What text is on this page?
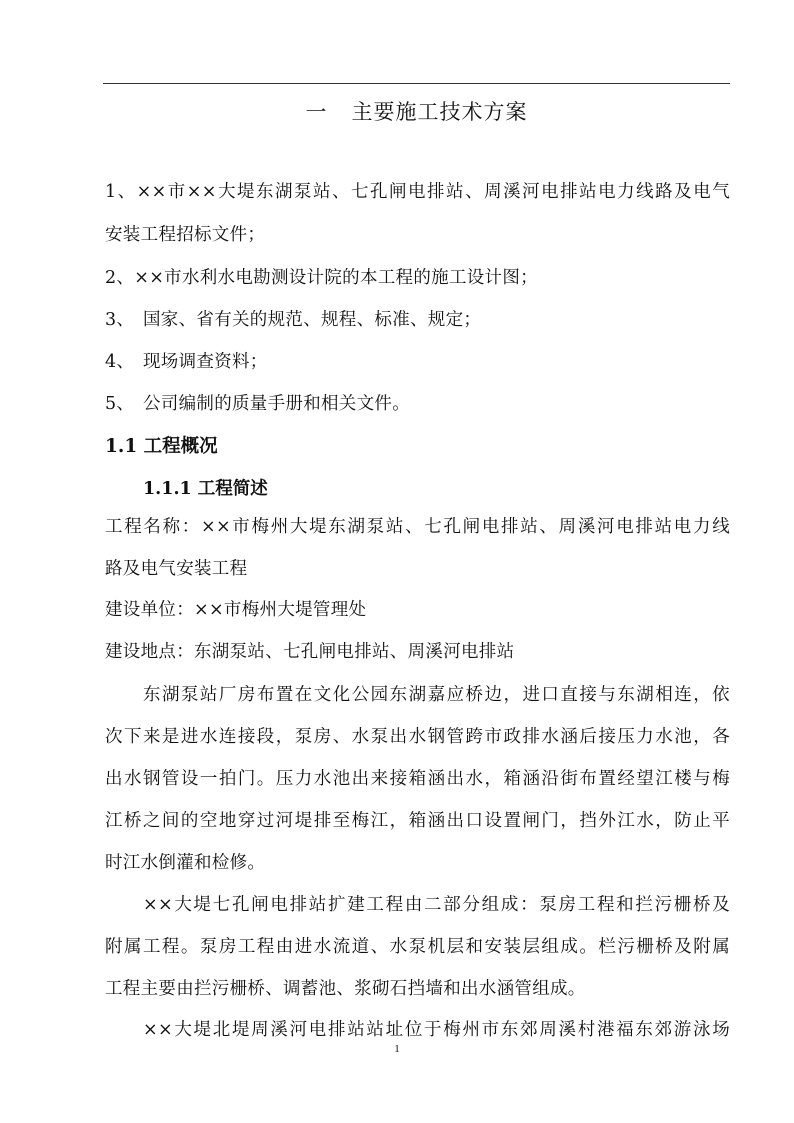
一 主要施工技术方案
1、××市××大堤东湖泵站、七孔闸电排站、周溪河电排站电力线路及电气
安装工程招标文件；
2、××市水利水电勘测设计院的本工程的施工设计图；
3、 国家、省有关的规范、规程、标准、规定；
4、 现场调查资料；
5、 公司编制的质量手册和相关文件。
1.1 工程概况
1.1.1 工程简述
工程名称：××市梅州大堤东湖泵站、七孔闸电排站、周溪河电排站电力线
路及电气安装工程
建设单位：××市梅州大堤管理处
建设地点：东湖泵站、七孔闸电排站、周溪河电排站
东湖泵站厂房布置在文化公园东湖嘉应桥边，进口直接与东湖相连，依
次下来是进水连接段，泵房、水泵出水钢管跨市政排水涵后接压力水池，各
出水钢管设一拍门。压力水池出来接箱涵出水，箱涵沿街布置经望江楼与梅
江桥之间的空地穿过河堤排至梅江，箱涵出口设置闸门，挡外江水，防止平
时江水倒灌和检修。
××大堤七孔闸电排站扩建工程由二部分组成：泵房工程和拦污栅桥及
附属工程。泵房工程由进水流道、水泵机层和安装层组成。栏污栅桥及附属
工程主要由拦污栅桥、调蓄池、浆砌石挡墙和出水涵管组成。
××大堤北堤周溪河电排站站址位于梅州市东郊周溪村港福东郊游泳场
1
